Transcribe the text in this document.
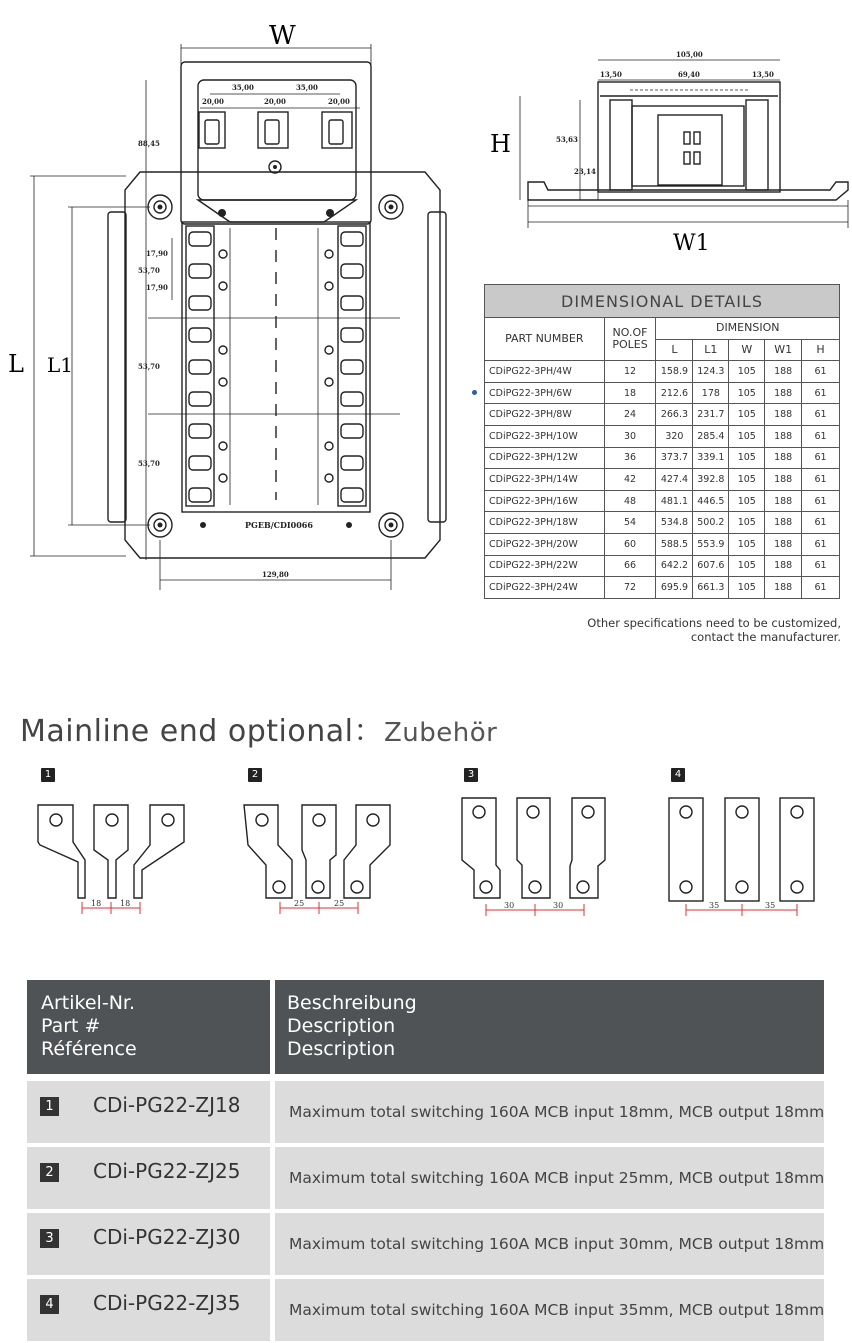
W
35,00	35,00
20,00	20,00	20,00
PGEB/CDI0066
88,45
17,90
17,90
53,70
53,70
53,70
L L1
129,80
105,00
13,50	69,40	13,50
W1
H	53,63
23,14
DIMENSIONAL DETAILS						
PART NUMBER	NO.OF POLES	DIMENSION				
		L	L1	W	W1	H
CDiPG22-3PH/4W	12	158.9	124.3	105	188	61
CDiPG22-3PH/6W	18	212.6	178	105	188	61
CDiPG22-3PH/8W	24	266.3	231.7	105	188	61
CDiPG22-3PH/10W	30	320	285.4	105	188	61
CDiPG22-3PH/12W	36	373.7	339.1	105	188	61
CDiPG22-3PH/14W	42	427.4	392.8	105	188	61
CDiPG22-3PH/16W	48	481.1	446.5	105	188	61
CDiPG22-3PH/18W	54	534.8	500.2	105	188	61
CDiPG22-3PH/20W	60	588.5	553.9	105	188	61
CDiPG22-3PH/22W	66	642.2	607.6	105	188	61
CDiPG22-3PH/24W	72	695.9	661.3	105	188	61
Other specifications need to be customized,
contact the manufacturer.
Mainline end optional：Zubehör
1	2	3	4
18 18	25	25	30	30	35	35
Artikel-Nr.
Part #
Référence
Beschreibung
Description
Description
1 CDi-PG22-ZJ18	Maximum total switching 160A MCB input 18mm, MCB output 18mm
2 CDi-PG22-ZJ25	Maximum total switching 160A MCB input 25mm, MCB output 18mm
3 CDi-PG22-ZJ30	Maximum total switching 160A MCB input 30mm, MCB output 18mm
4 CDi-PG22-ZJ35	Maximum total switching 160A MCB input 35mm, MCB output 18mm
